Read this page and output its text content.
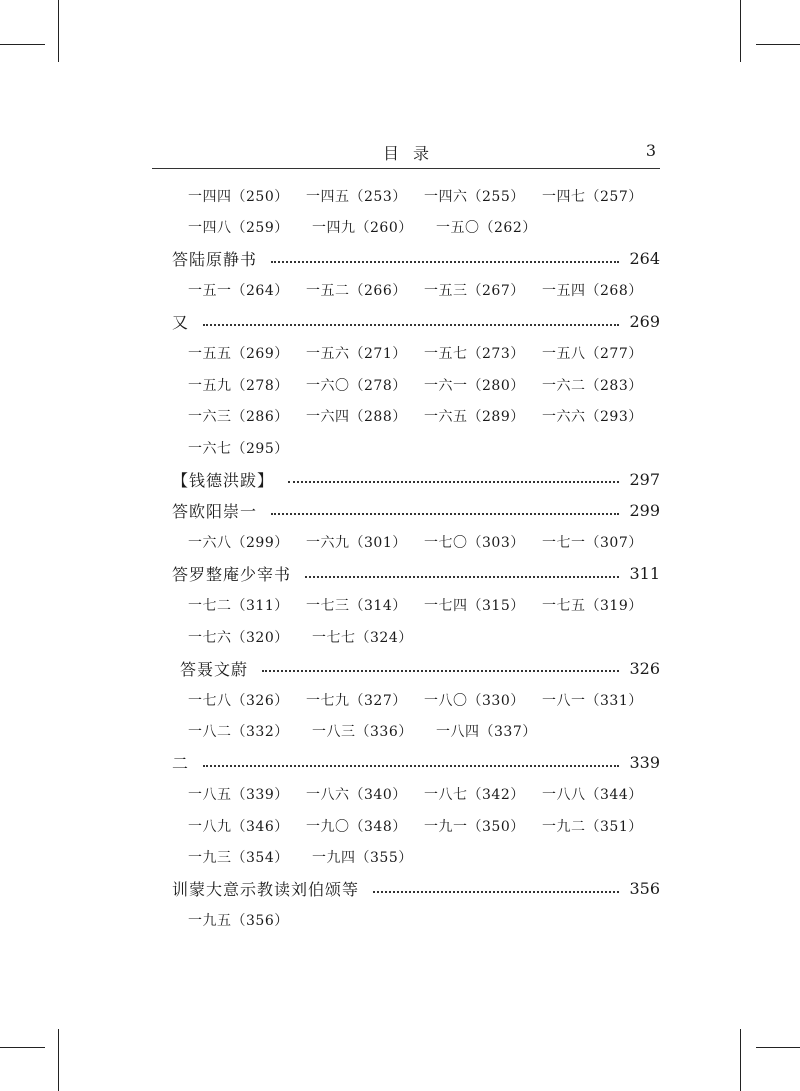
目录	3
一四四（250）	一四五（253）	一四六（255）	一四七（257）
一四八（259）	一四九（260）	一五〇（262）
答陆原静书	264
一五一（264）	一五二（266）	一五三（267）	一五四（268）
又	269
一五五（269）	一五六（271）	一五七（273）	一五八（277）
一五九（278）	一六〇（278）	一六一（280）	一六二（283）
一六三（286）	一六四（288）	一六五（289）	一六六（293）
一六七（295）
【钱德洪跋】	297
答欧阳崇一	299
一六八（299）	一六九（301）	一七〇（303）	一七一（307）
答罗整庵少宰书	311
一七二（311）	一七三（314）	一七四（315）	一七五（319）
一七六（320）	一七七（324）
答聂文蔚	326
一七八（326）	一七九（327）	一八〇（330）	一八一（331）
一八二（332）	一八三（336）	一八四（337）
二	339
一八五（339）	一八六（340）	一八七（342）	一八八（344）
一八九（346）	一九〇（348）	一九一（350）	一九二（351）
一九三（354）	一九四（355）
训蒙大意示教读刘伯颂等	356
一九五（356）
